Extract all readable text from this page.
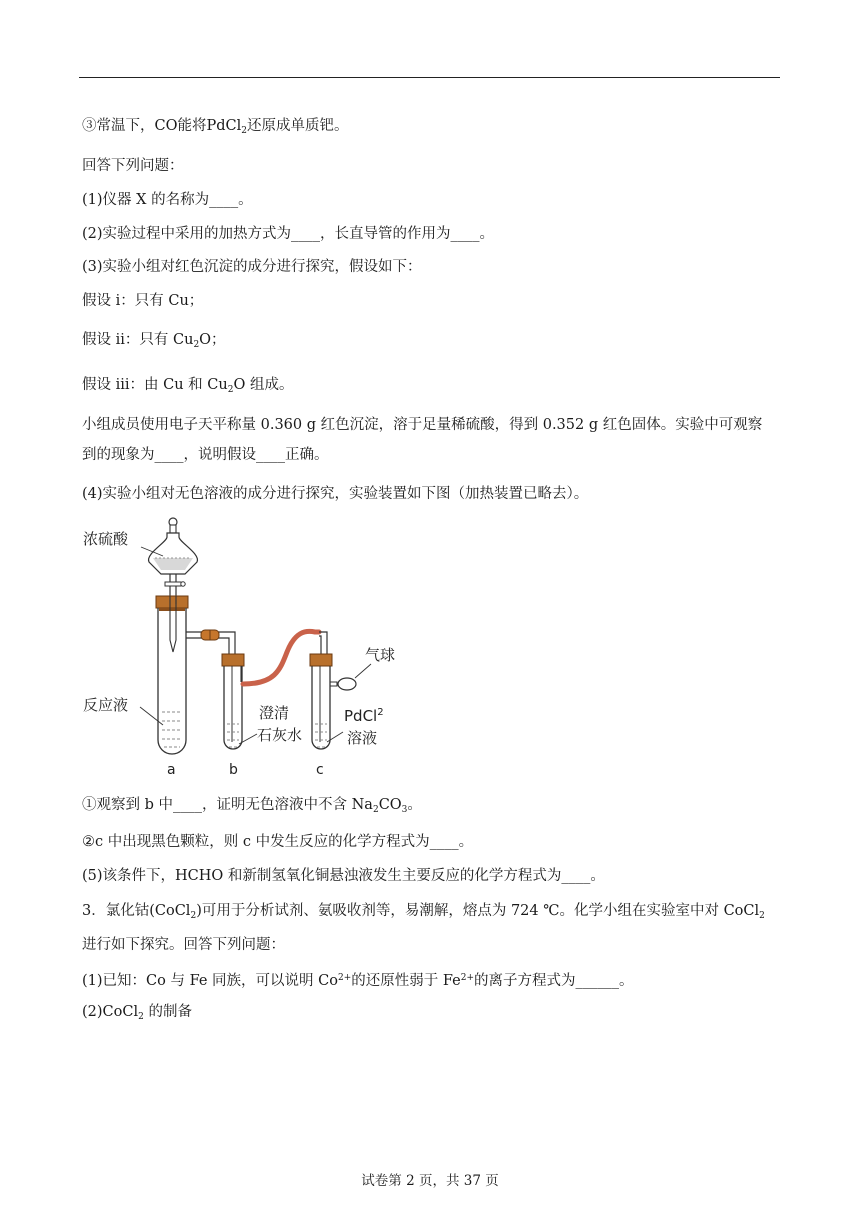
③常温下，CO能将PdCl$_2$还原成单质钯。
回答下列问题：
(1)仪器 X 的名称为____。
(2)实验过程中采用的加热方式为____，长直导管的作用为____。
(3)实验小组对红色沉淀的成分进行探究，假设如下：
假设 i：只有 Cu；
假设 ii：只有 $Cu_2O$；
假设 iii：由 Cu 和 $Cu_2O$ 组成。
小组成员使用电子天平称量 0.360 g 红色沉淀，溶于足量稀硫酸，得到 0.352 g 红色固体。实验中可观察到的现象为____，说明假设____正确。
(4)实验小组对无色溶液的成分进行探究，实验装置如下图（加热装置已略去）。
浓硫酸
反应液	澄清
石灰水
气球
PdCl$^2$
溶液
a	b	c
①观察到 b 中____，证明无色溶液中不含 $Na_2CO_3$。
②c 中出现黑色颗粒，则 c 中发生反应的化学方程式为____。
(5)该条件下，HCHO 和新制氢氧化铜悬浊液发生主要反应的化学方程式为____。
3．氯化钴(CoCl$_2$)可用于分析试剂、氨吸收剂等，易潮解，熔点为 724 ℃。化学小组在实验室中对 CoCl$_2$
进行如下探究。回答下列问题：
(1)已知：Co 与 Fe 同族，可以说明 $Co^{2+}$的还原性弱于 $Fe^{2+}$的离子方程式为______。
(2)CoCl$_2$ 的制备
试卷第 2 页，共 37 页
